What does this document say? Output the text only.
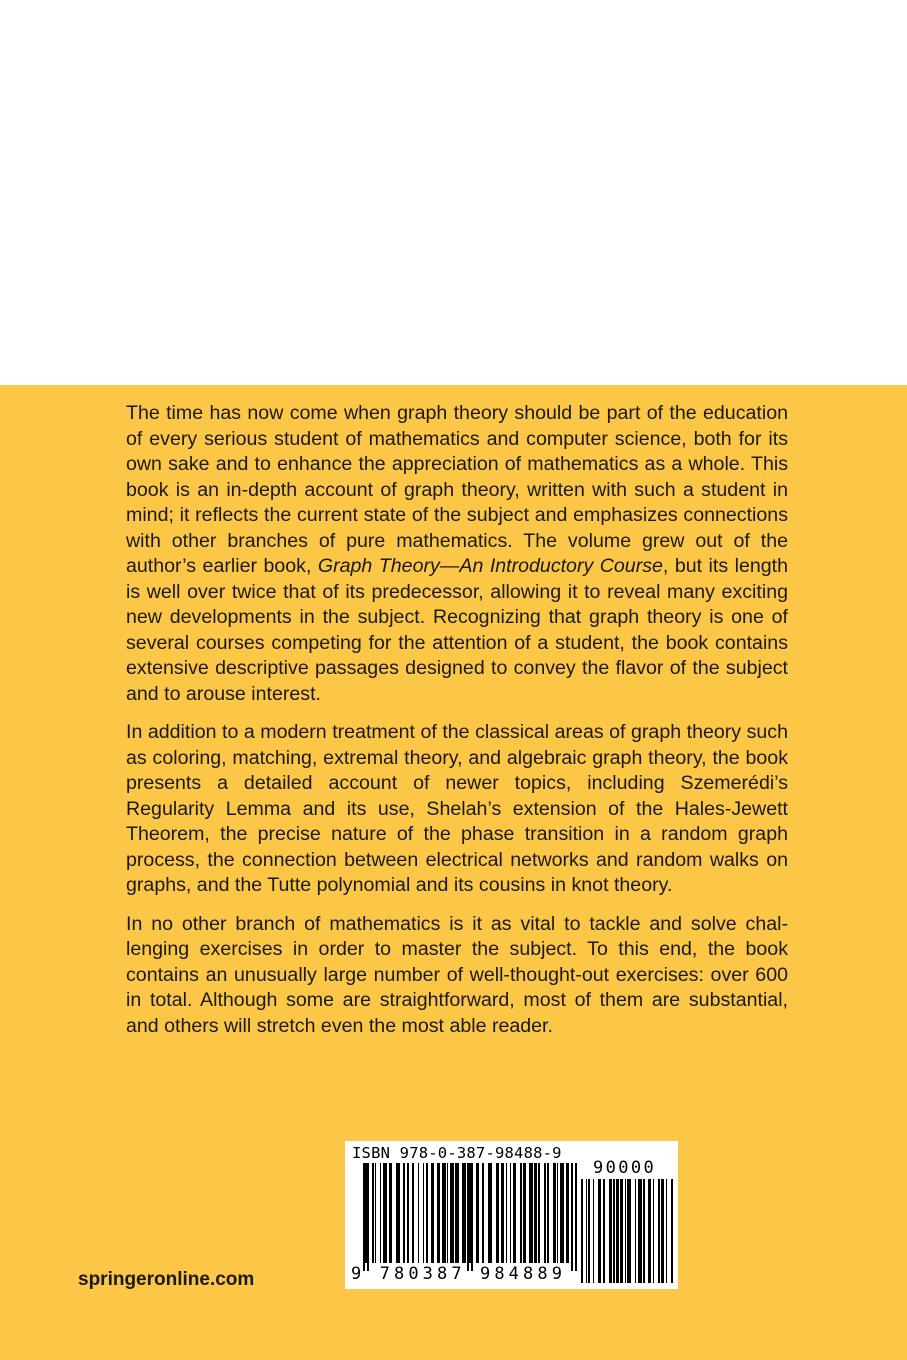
The time has now come when graph theory should be part of the education of every serious student of mathematics and computer science, both for its own sake and to enhance the appreciation of mathematics as a whole. This book is an in-depth account of graph theory, written with such a student in mind; it reflects the current state of the subject and emphasizes connections with other branches of pure mathematics. The volume grew out of the author’s earlier book, Graph Theory—An Introductory Course, but its length is well over twice that of its predecessor, allowing it to reveal many exciting new developments in the subject. Recognizing that graph theory is one of several courses competing for the attention of a student, the book contains extensive descriptive passages designed to convey the flavor of the subject and to arouse interest.

In addition to a modern treatment of the classical areas of graph theory such as coloring, matching, extremal theory, and algebraic graph theory, the book presents a detailed account of newer topics, including Szemerédi’s Regularity Lemma and its use, Shelah’s extension of the Hales-Jewett Theorem, the precise nature of the phase transition in a random graph process, the connection between electrical networks and random walks on graphs, and the Tutte polynomial and its cousins in knot theory.

In no other branch of mathematics is it as vital to tackle and solve challenging exercises in order to master the subject. To this end, the book contains an unusually large number of well-thought-out exercises: over 600 in total. Although some are straightforward, most of them are substantial, and others will stretch even the most able reader.

springeronline.com
ISBN 978-0-387-98488-9
90000
9 780387 984889
